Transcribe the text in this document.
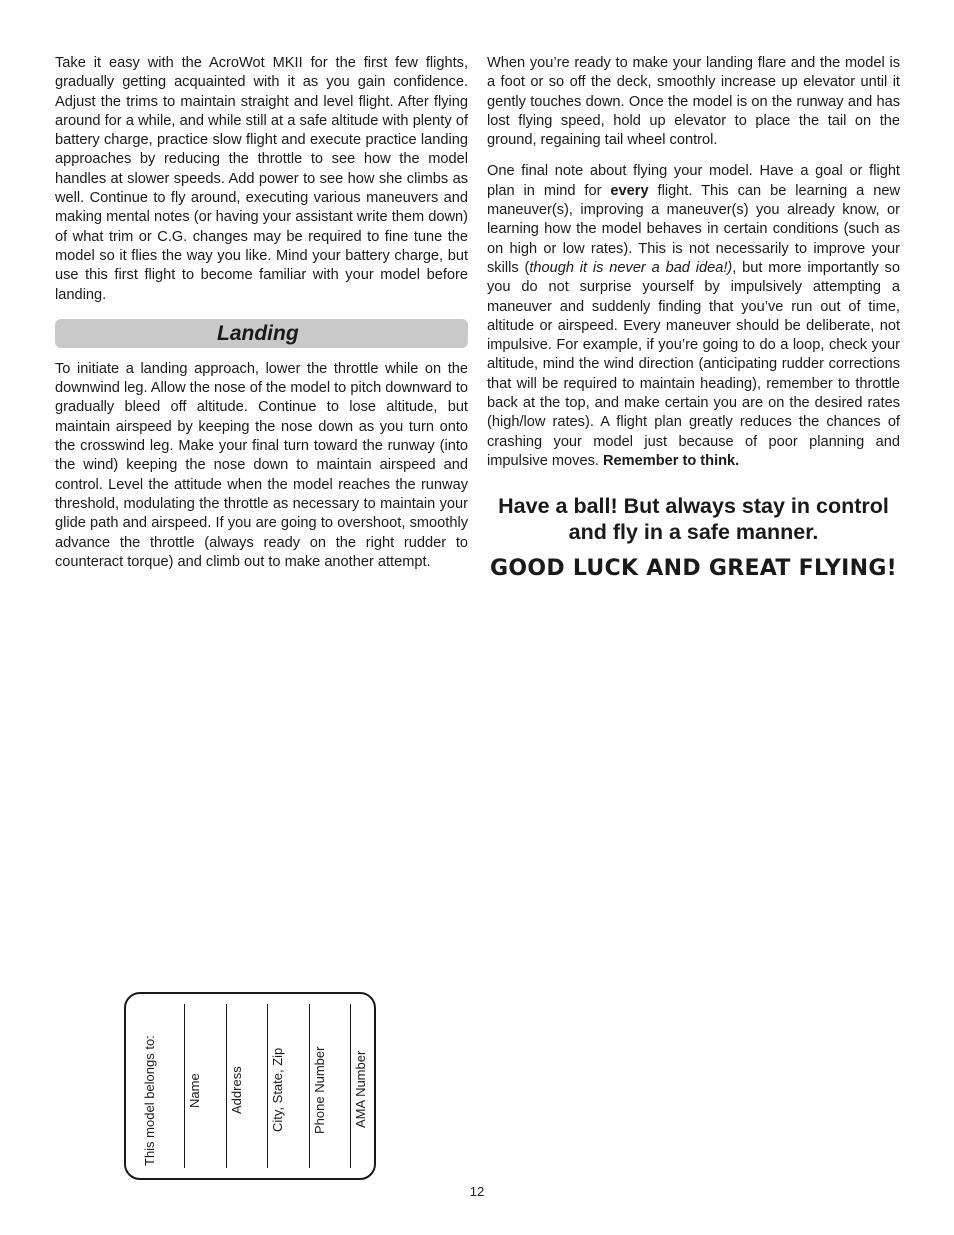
Take it easy with the AcroWot MKII for the first few flights, gradually getting acquainted with it as you gain confidence. Adjust the trims to maintain straight and level flight. After flying around for a while, and while still at a safe altitude with plenty of battery charge, practice slow flight and execute practice landing approaches by reducing the throttle to see how the model handles at slower speeds. Add power to see how she climbs as well. Continue to fly around, executing various maneuvers and making mental notes (or having your assistant write them down) of what trim or C.G. changes may be required to fine tune the model so it flies the way you like. Mind your battery charge, but use this first flight to become familiar with your model before landing.

Landing

To initiate a landing approach, lower the throttle while on the downwind leg. Allow the nose of the model to pitch downward to gradually bleed off altitude. Continue to lose altitude, but maintain airspeed by keeping the nose down as you turn onto the crosswind leg. Make your final turn toward the runway (into the wind) keeping the nose down to maintain airspeed and control. Level the attitude when the model reaches the runway threshold, modulating the throttle as necessary to maintain your glide path and airspeed. If you are going to overshoot, smoothly advance the throttle (always ready on the right rudder to counteract torque) and climb out to make another attempt.

When you’re ready to make your landing flare and the model is a foot or so off the deck, smoothly increase up elevator until it gently touches down. Once the model is on the runway and has lost flying speed, hold up elevator to place the tail on the ground, regaining tail wheel control.

One final note about flying your model. Have a goal or flight plan in mind for every flight. This can be learning a new maneuver(s), improving a maneuver(s) you already know, or learning how the model behaves in certain conditions (such as on high or low rates). This is not necessarily to improve your skills (though it is never a bad idea!), but more importantly so you do not surprise yourself by impulsively attempting a maneuver and suddenly finding that you’ve run out of time, altitude or airspeed. Every maneuver should be deliberate, not impulsive. For example, if you’re going to do a loop, check your altitude, mind the wind direction (anticipating rudder corrections that will be required to maintain heading), remember to throttle back at the top, and make certain you are on the desired rates (high/low rates). A flight plan greatly reduces the chances of crashing your model just because of poor planning and impulsive moves. Remember to think.

Have a ball! But always stay in control
and fly in a safe manner.
GOOD LUCK AND GREAT FLYING!
This model belongs to: Name Address City, State, Zip Phone Number AMA Number
12
